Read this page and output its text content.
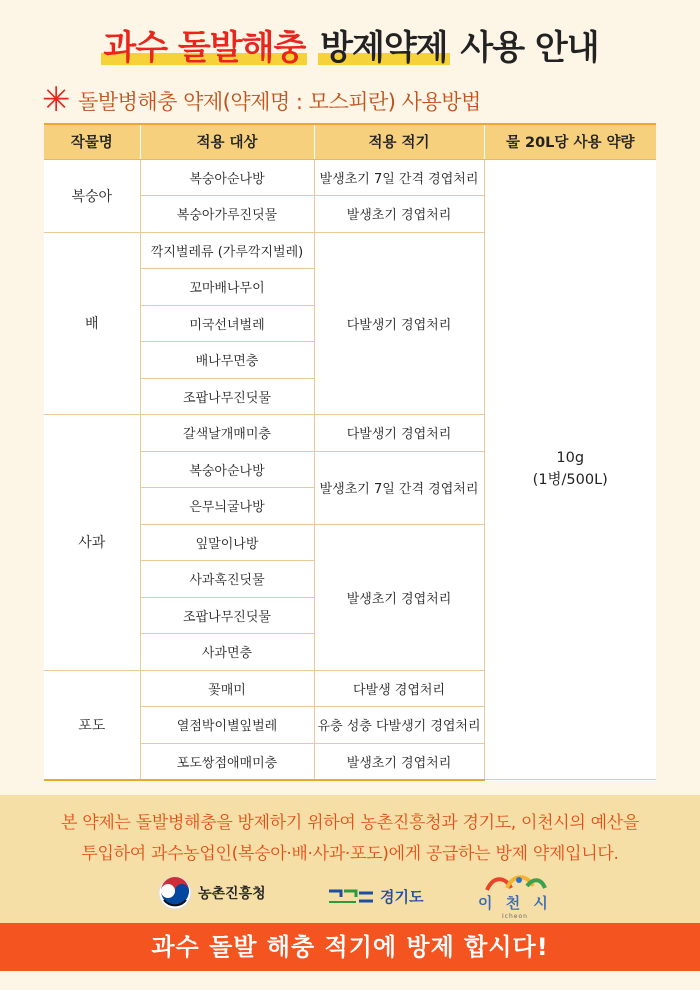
과수 돌발해충 방제약제 사용 안내
✳ 돌발병해충 약제(약제명 : 모스피란) 사용방법
작물명	적용 대상	적용 적기	물 20L당 사용 약량
복숭아	복숭아순나방	발생초기 7일 간격 경엽처리	10g
(1병/500L)

	복숭아가루진딧물	발생초기 경엽처리	
배	깍지벌레류 (가루깍지벌레)	다발생기 경엽처리	
	꼬마배나무이		
	미국선녀벌레		
	배나무면충		
	조팝나무진딧물		
사과	갈색날개매미충	다발생기 경엽처리	
	복숭아순나방	발생초기 7일 간격 경엽처리	
	은무늬굴나방		
	잎말이나방	발생초기 경엽처리	
	사과혹진딧물		
	조팝나무진딧물		
	사과면충		
포도	꽃매미	다발생 경엽처리	
	열점박이별잎벌레	유충 성충 다발생기 경엽처리	
	포도쌍점애매미충	발생초기 경엽처리	
본 약제는 돌발병해충을 방제하기 위하여 농촌진흥청과 경기도, 이천시의 예산을
투입하여 과수농업인(복숭아·배·사과·포도)에게 공급하는 방제 약제입니다.
농촌진흥청	경기도	이 천 시
Icheon
과수 돌발 해충 적기에 방제 합시다!
